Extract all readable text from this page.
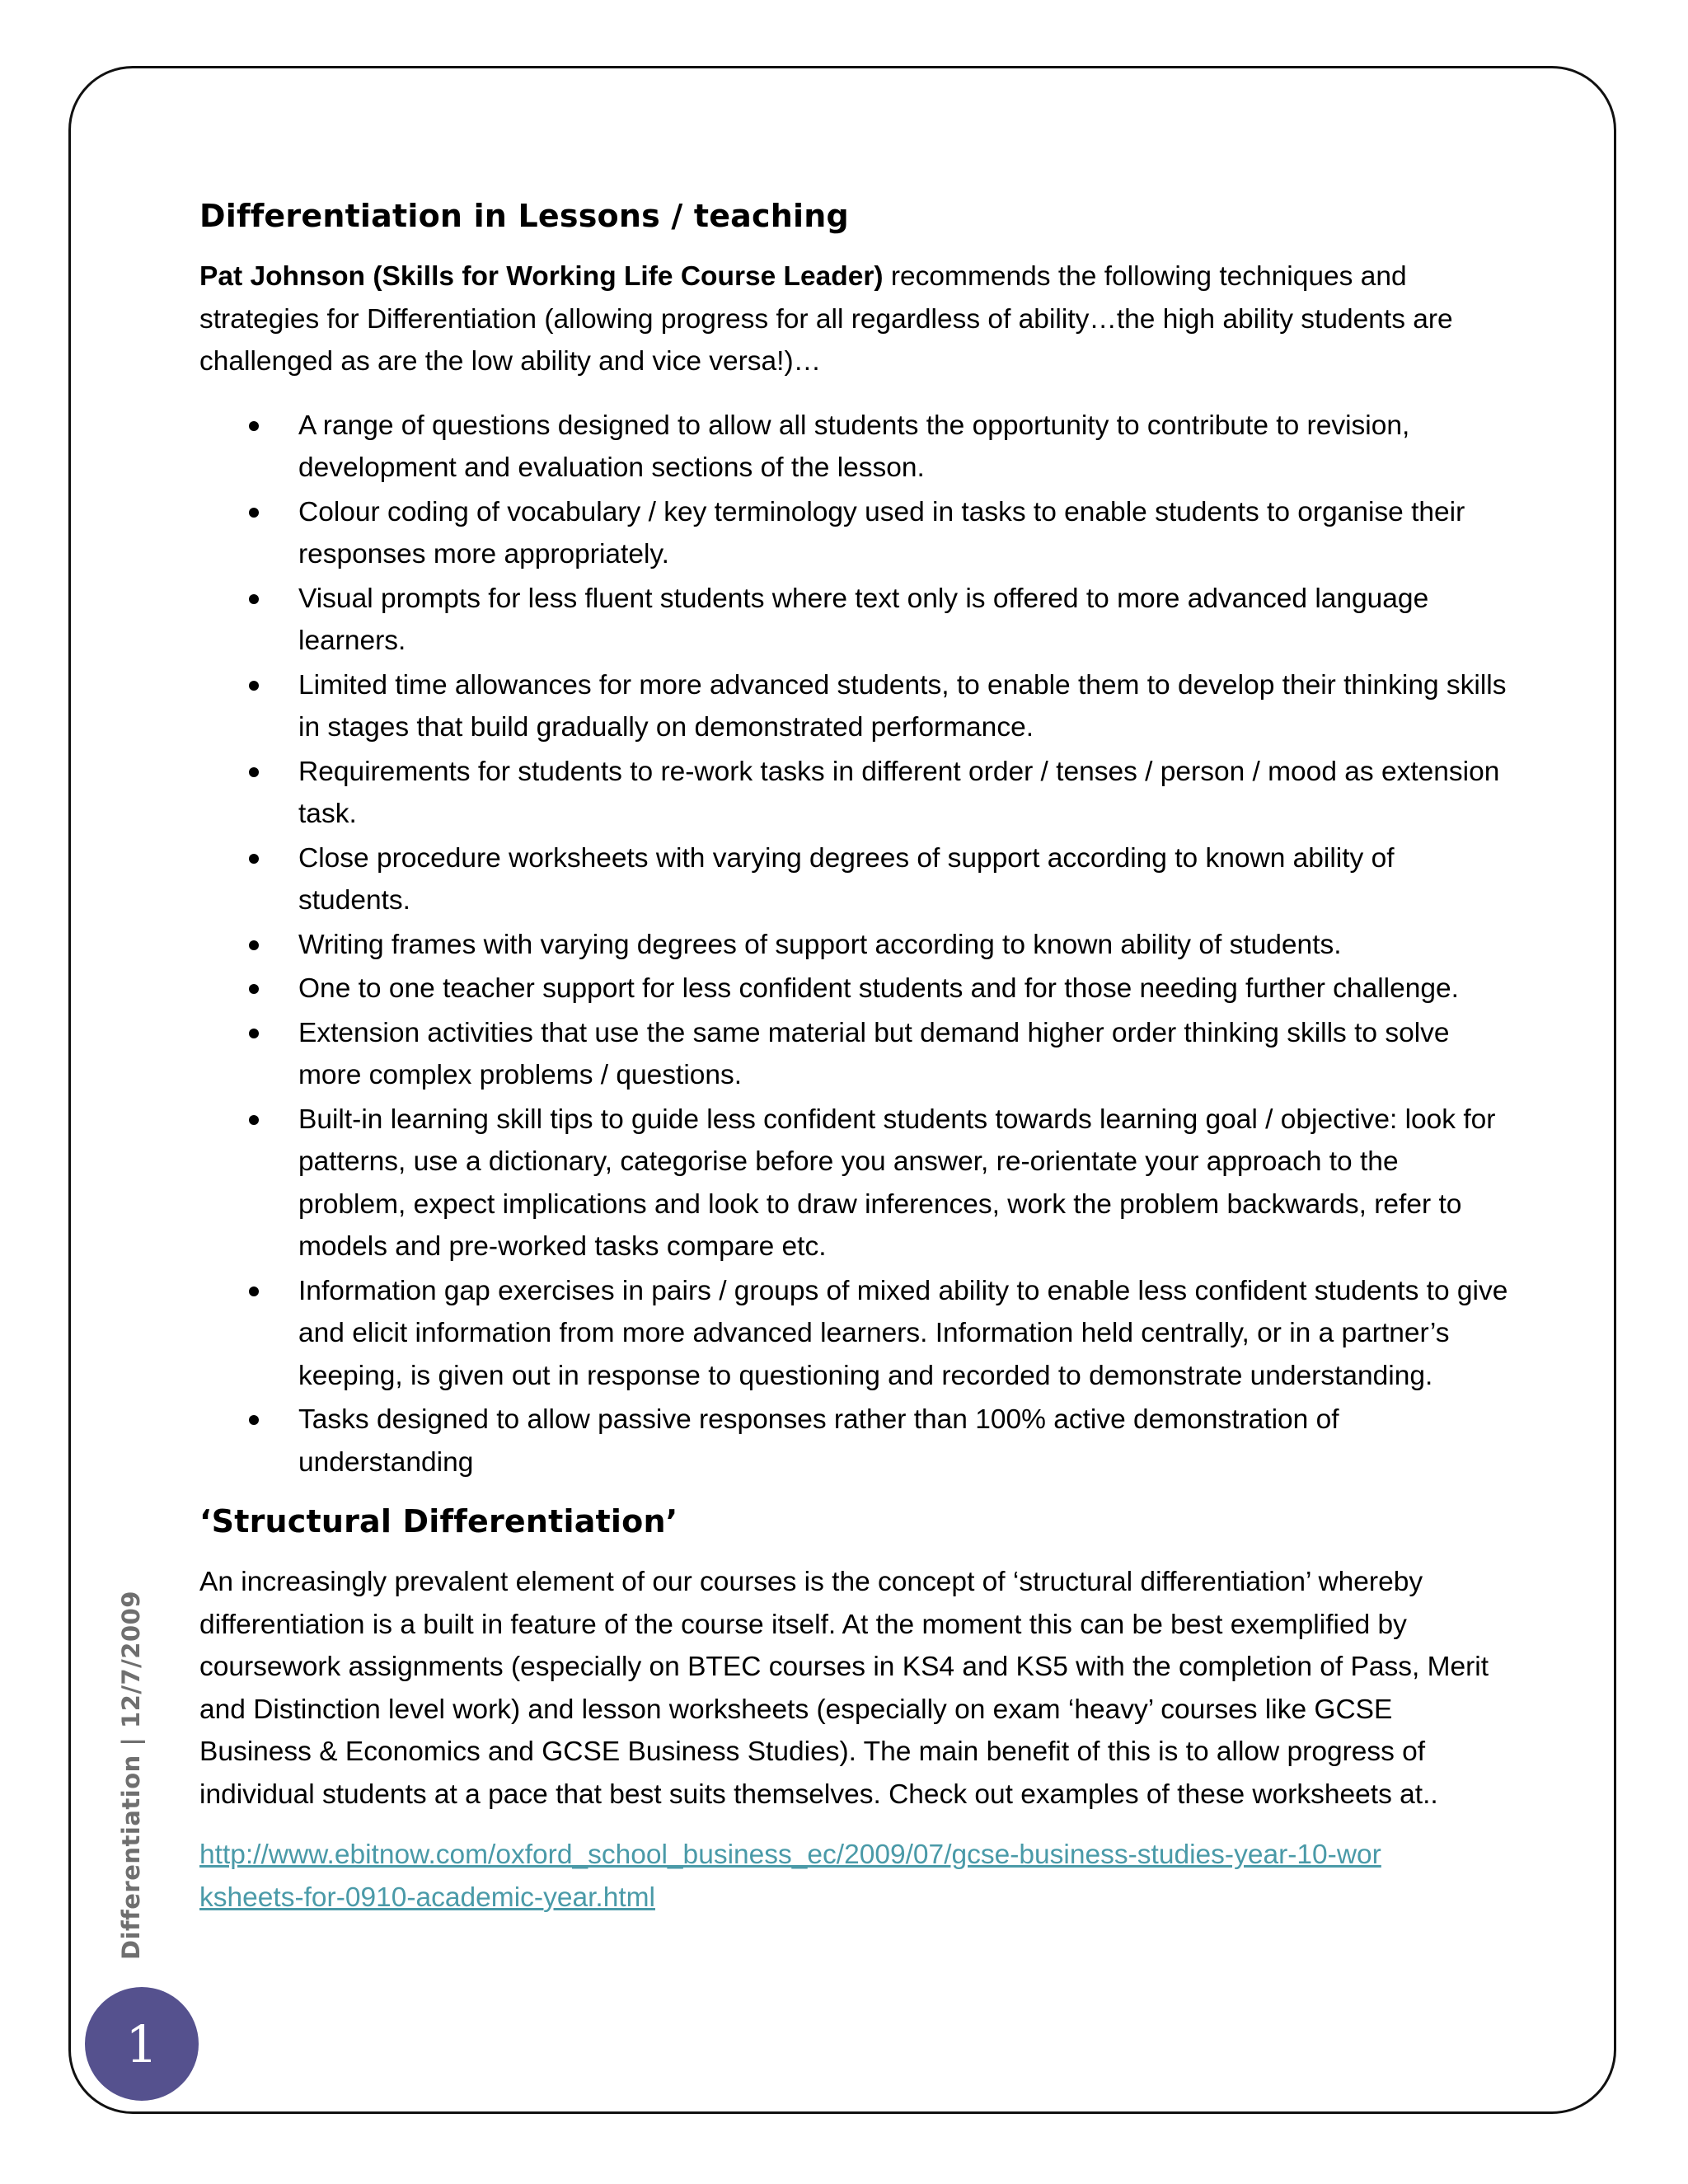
Differentiation in Lessons / teaching

Pat Johnson (Skills for Working Life Course Leader) recommends the following techniques and strategies for Differentiation (allowing progress for all regardless of ability…the high ability students are challenged as are the low ability and vice versa!)…

A range of questions designed to allow all students the opportunity to contribute to revision, development and evaluation sections of the lesson.
Colour coding of vocabulary / key terminology used in tasks to enable students to organise their responses more appropriately.
Visual prompts for less fluent students where text only is offered to more advanced language learners.
Limited time allowances for more advanced students, to enable them to develop their thinking skills in stages that build gradually on demonstrated performance.
Requirements for students to re-work tasks in different order / tenses / person / mood as extension task.
Close procedure worksheets with varying degrees of support according to known ability of students.
Writing frames with varying degrees of support according to known ability of students.
One to one teacher support for less confident students and for those needing further challenge.
Extension activities that use the same material but demand higher order thinking skills to solve more complex problems / questions.
Built-in learning skill tips to guide less confident students towards learning goal / objective: look for patterns, use a dictionary, categorise before you answer, re-orientate your approach to the problem, expect implications and look to draw inferences, work the problem backwards, refer to models and pre-worked tasks compare etc.
Information gap exercises in pairs / groups of mixed ability to enable less confident students to give and elicit information from more advanced learners. Information held centrally, or in a partner’s keeping, is given out in response to questioning and recorded to demonstrate understanding.
Tasks designed to allow passive responses rather than 100% active demonstration of understanding
‘Structural Differentiation’

An increasingly prevalent element of our courses is the concept of ‘structural differentiation’ whereby differentiation is a built in feature of the course itself. At the moment this can be best exemplified by coursework assignments (especially on BTEC courses in KS4 and KS5 with the completion of Pass, Merit and Distinction level work) and lesson worksheets (especially on exam ‘heavy’ courses like GCSE Business & Economics and GCSE Business Studies). The main benefit of this is to allow progress of individual students at a pace that best suits themselves. Check out examples of these worksheets at..

http://www.ebitnow.com/oxford_school_business_ec/2009/07/gcse-business-studies-year-10-worksheets-for-0910-academic-year.html
Differentiation | 12/7/2009
1
